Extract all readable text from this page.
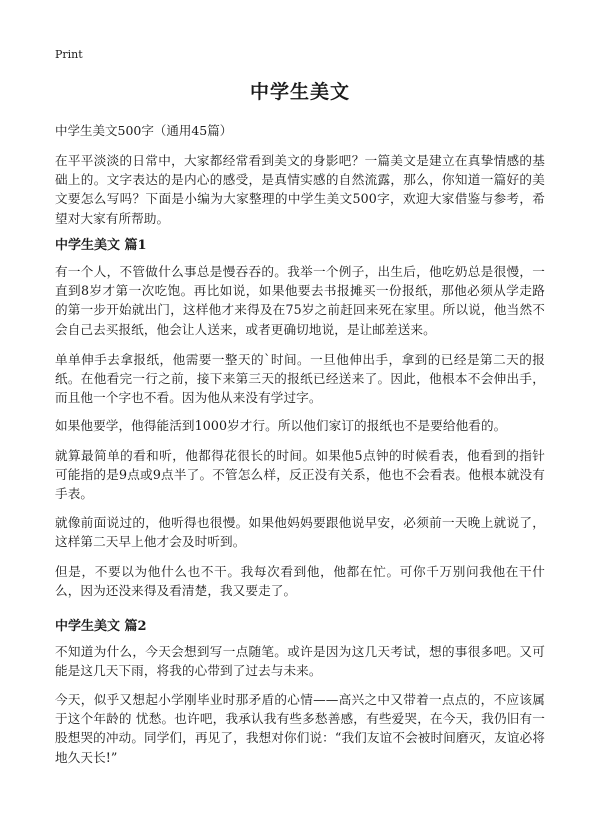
Print
中学生美文

中学生美文500字（通用45篇）

在平平淡淡的日常中，大家都经常看到美文的身影吧？一篇美文是建立在真挚情感的基础上的。文字表达的是内心的感受，是真情实感的自然流露，那么，你知道一篇好的美文要怎么写吗？下面是小编为大家整理的中学生美文500字，欢迎大家借鉴与参考，希望对大家有所帮助。

中学生美文 篇1

有一个人，不管做什么事总是慢吞吞的。我举一个例子，出生后，他吃奶总是很慢，一直到8岁才第一次吃饱。再比如说，如果他要去书报摊买一份报纸，那他必须从学走路的第一步开始就出门，这样他才来得及在75岁之前赶回来死在家里。所以说，他当然不会自己去买报纸，他会让人送来，或者更确切地说，是让邮差送来。

单单伸手去拿报纸，他需要一整天的`时间。一旦他伸出手，拿到的已经是第二天的报纸。在他看完一行之前，接下来第三天的报纸已经送来了。因此，他根本不会伸出手，而且他一个字也不看。因为他从来没有学过字。

如果他要学，他得能活到1000岁才行。所以他们家订的报纸也不是要给他看的。

就算最简单的看和听，他都得花很长的时间。如果他5点钟的时候看表，他看到的指针可能指的是9点或9点半了。不管怎么样，反正没有关系，他也不会看表。他根本就没有手表。

就像前面说过的，他听得也很慢。如果他妈妈要跟他说早安，必须前一天晚上就说了，这样第二天早上他才会及时听到。

但是，不要以为他什么也不干。我每次看到他，他都在忙。可你千万别问我他在干什么，因为还没来得及看清楚，我又要走了。

中学生美文 篇2

不知道为什么，今天会想到写一点随笔。或许是因为这几天考试，想的事很多吧。又可能是这几天下雨，将我的心带到了过去与未来。

今天，似乎又想起小学刚毕业时那矛盾的心情——高兴之中又带着一点点的，不应该属于这个年龄的 忧愁。也许吧，我承认我有些多愁善感，有些爱哭，在今天，我仍旧有一股想哭的冲动。同学们，再见了，我想对你们说：“我们友谊不会被时间磨灭，友谊必将地久天长!”
